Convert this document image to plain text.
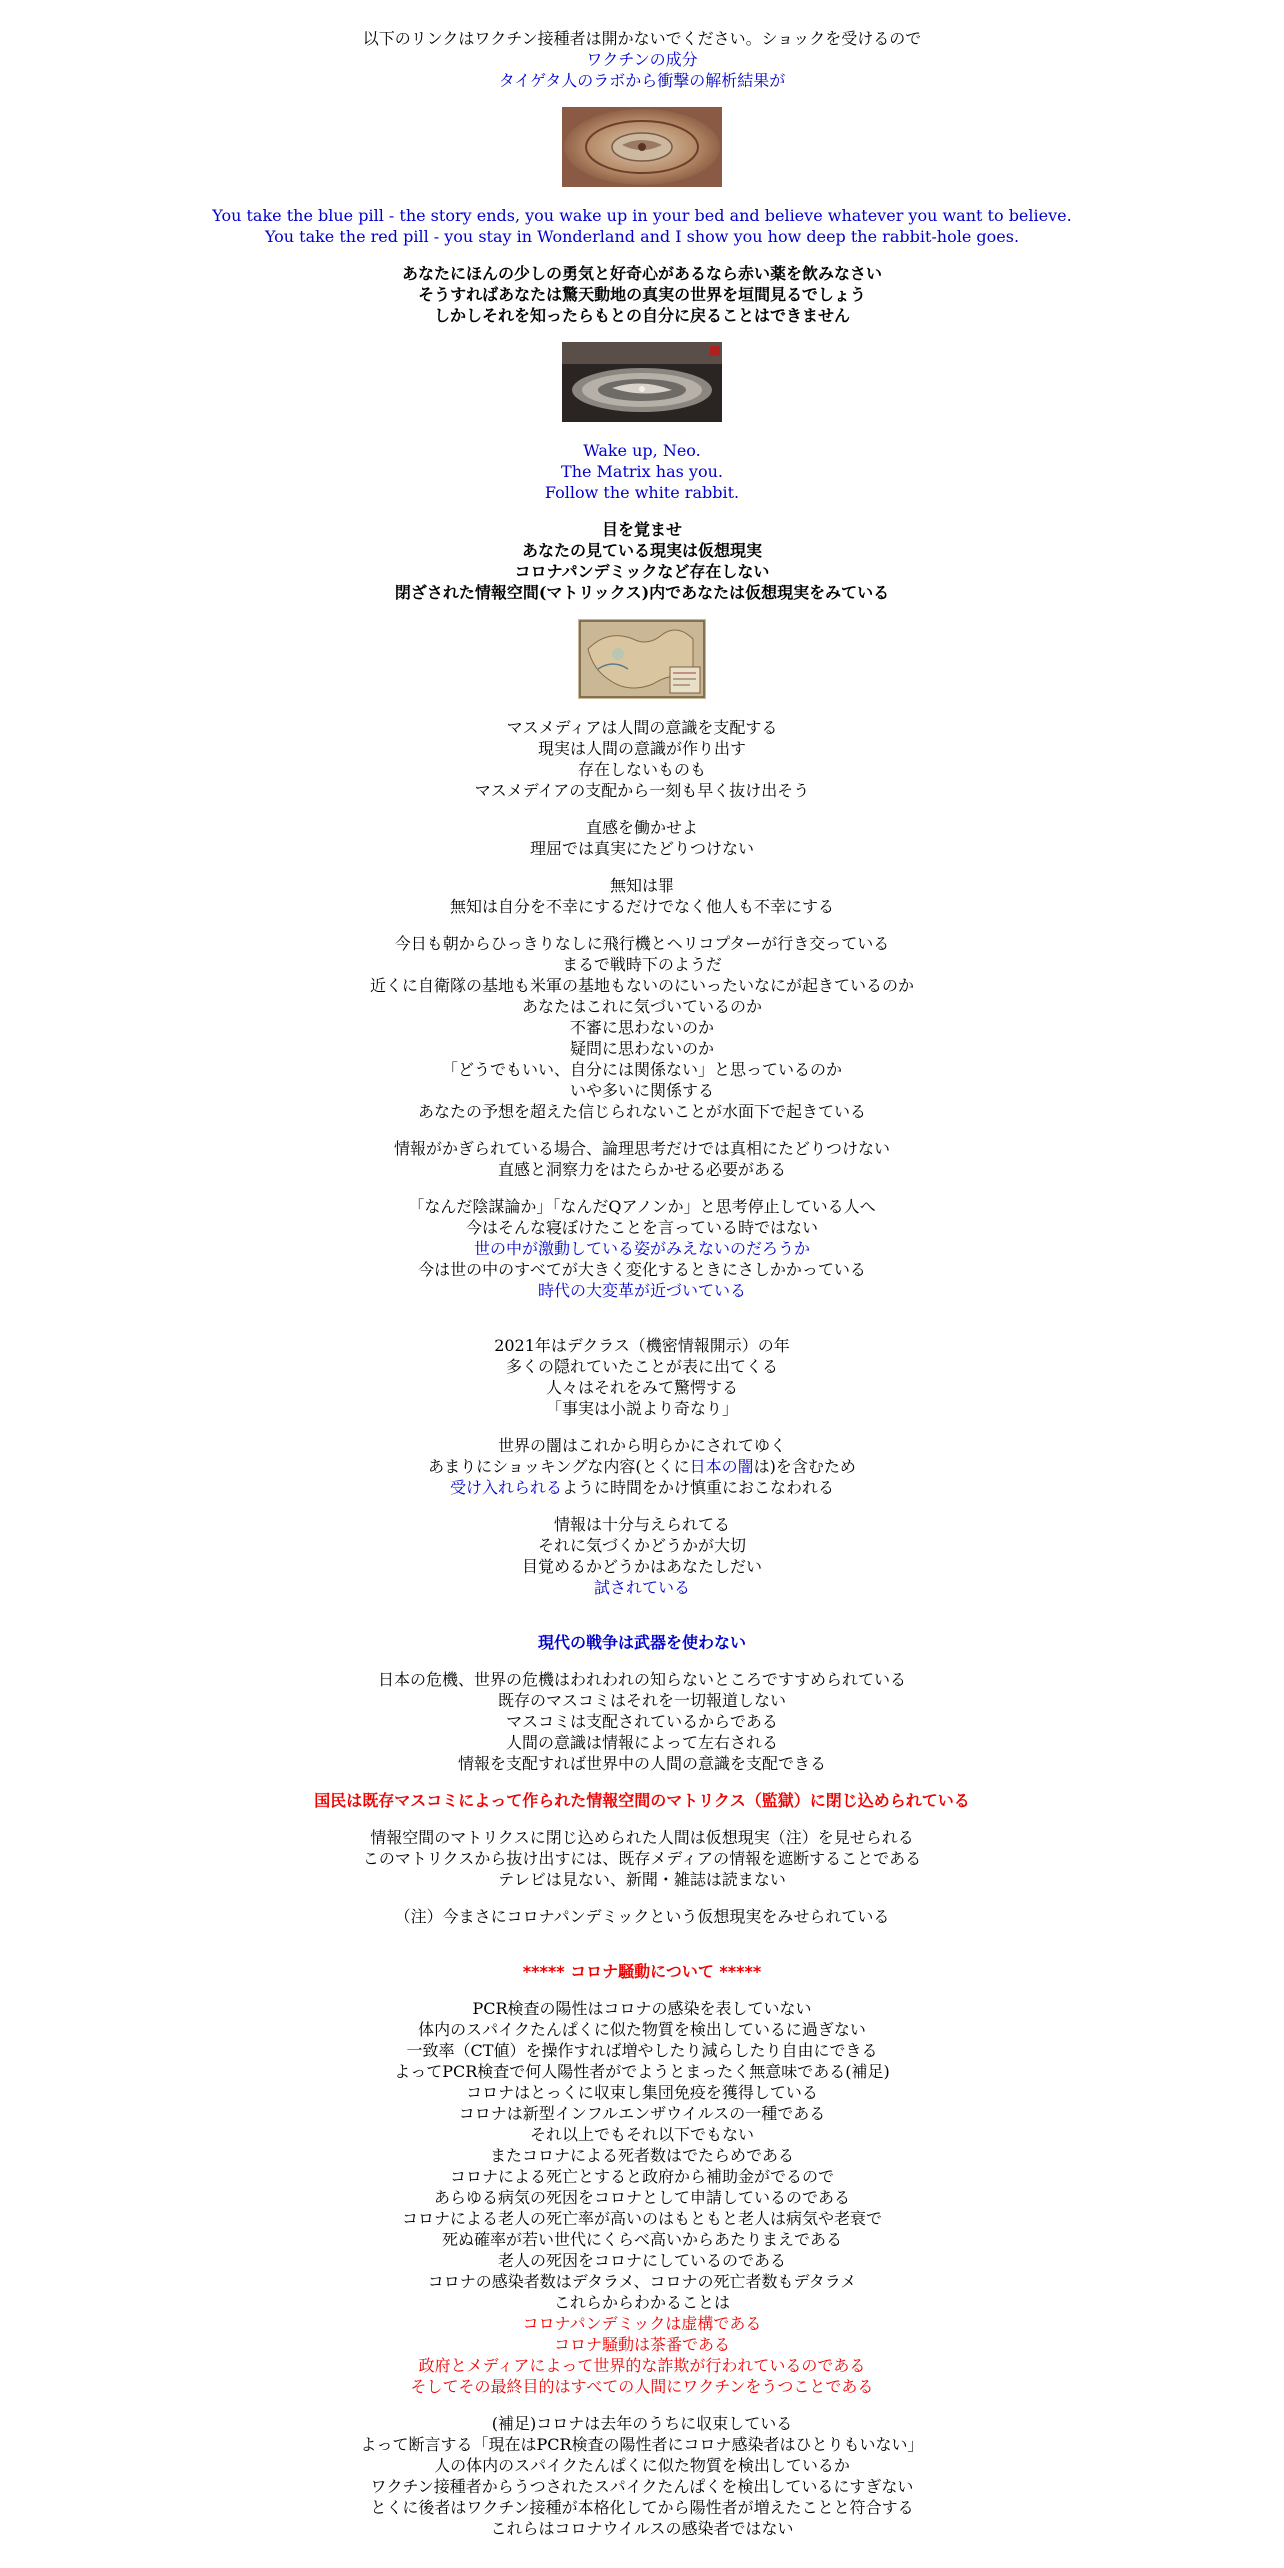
以下のリンクはワクチン接種者は開かないでください。ショックを受けるので
ワクチンの成分
タイゲタ人のラボから衝撃の解析結果が
You take the blue pill - the story ends, you wake up in your bed and believe whatever you want to believe.
You take the red pill - you stay in Wonderland and I show you how deep the rabbit-hole goes.
あなたにほんの少しの勇気と好奇心があるなら赤い薬を飲みなさい
そうすればあなたは驚天動地の真実の世界を垣間見るでしょう
しかしそれを知ったらもとの自分に戻ることはできません
Wake up, Neo.
The Matrix has you.
Follow the white rabbit.
目を覚ませ
あなたの見ている現実は仮想現実
コロナパンデミックなど存在しない
閉ざされた情報空間(マトリックス)内であなたは仮想現実をみている
マスメディアは人間の意識を支配する
現実は人間の意識が作り出す
存在しないものも
マスメデイアの支配から一刻も早く抜け出そう
直感を働かせよ
理屈では真実にたどりつけない
無知は罪
無知は自分を不幸にするだけでなく他人も不幸にする
今日も朝からひっきりなしに飛行機とヘリコプターが行き交っている
まるで戦時下のようだ
近くに自衛隊の基地も米軍の基地もないのにいったいなにが起きているのか
あなたはこれに気づいているのか
不審に思わないのか
疑問に思わないのか
「どうでもいい、自分には関係ない」と思っているのか
いや多いに関係する
あなたの予想を超えた信じられないことが水面下で起きている
情報がかぎられている場合、論理思考だけでは真相にたどりつけない
直感と洞察力をはたらかせる必要がある
「なんだ陰謀論か」「なんだQアノンか」と思考停止している人へ
今はそんな寝ぼけたことを言っている時ではない
世の中が激動している姿がみえないのだろうか
今は世の中のすべてが大きく変化するときにさしかかっている
時代の大変革が近づいている
2021年はデクラス（機密情報開示）の年
多くの隠れていたことが表に出てくる
人々はそれをみて驚愕する
「事実は小説より奇なり」
世界の闇はこれから明らかにされてゆく
あまりにショッキングな内容(とくに日本の闇は)を含むため
受け入れられるように時間をかけ慎重におこなわれる
情報は十分与えられてる
それに気づくかどうかが大切
目覚めるかどうかはあなたしだい
試されている
現代の戦争は武器を使わない
日本の危機、世界の危機はわれわれの知らないところですすめられている
既存のマスコミはそれを一切報道しない
マスコミは支配されているからである
人間の意識は情報によって左右される
情報を支配すれば世界中の人間の意識を支配できる
国民は既存マスコミによって作られた情報空間のマトリクス（監獄）に閉じ込められている
情報空間のマトリクスに閉じ込められた人間は仮想現実（注）を見せられる
このマトリクスから抜け出すには、既存メディアの情報を遮断することである
テレビは見ない、新聞・雑誌は読まない
（注）今まさにコロナパンデミックという仮想現実をみせられている
***** コロナ騒動について *****
PCR検査の陽性はコロナの感染を表していない
体内のスパイクたんぱくに似た物質を検出しているに過ぎない
一致率（CT値）を操作すれば増やしたり減らしたり自由にできる
よってPCR検査で何人陽性者がでようとまったく無意味である(補足)
コロナはとっくに収束し集団免疫を獲得している
コロナは新型インフルエンザウイルスの一種である
それ以上でもそれ以下でもない
またコロナによる死者数はでたらめである
コロナによる死亡とすると政府から補助金がでるので
あらゆる病気の死因をコロナとして申請しているのである
コロナによる老人の死亡率が高いのはもともと老人は病気や老衰で
死ぬ確率が若い世代にくらべ高いからあたりまえである
老人の死因をコロナにしているのである
コロナの感染者数はデタラメ、コロナの死亡者数もデタラメ
これらからわかることは
コロナパンデミックは虚構である
コロナ騒動は茶番である
政府とメディアによって世界的な詐欺が行われているのである
そしてその最終目的はすべての人間にワクチンをうつことである
(補足)コロナは去年のうちに収束している
よって断言する「現在はPCR検査の陽性者にコロナ感染者はひとりもいない」
人の体内のスパイクたんぱくに似た物質を検出しているか
ワクチン接種者からうつされたスパイクたんぱくを検出しているにすぎない
とくに後者はワクチン接種が本格化してから陽性者が増えたことと符合する
これらはコロナウイルスの感染者ではない
